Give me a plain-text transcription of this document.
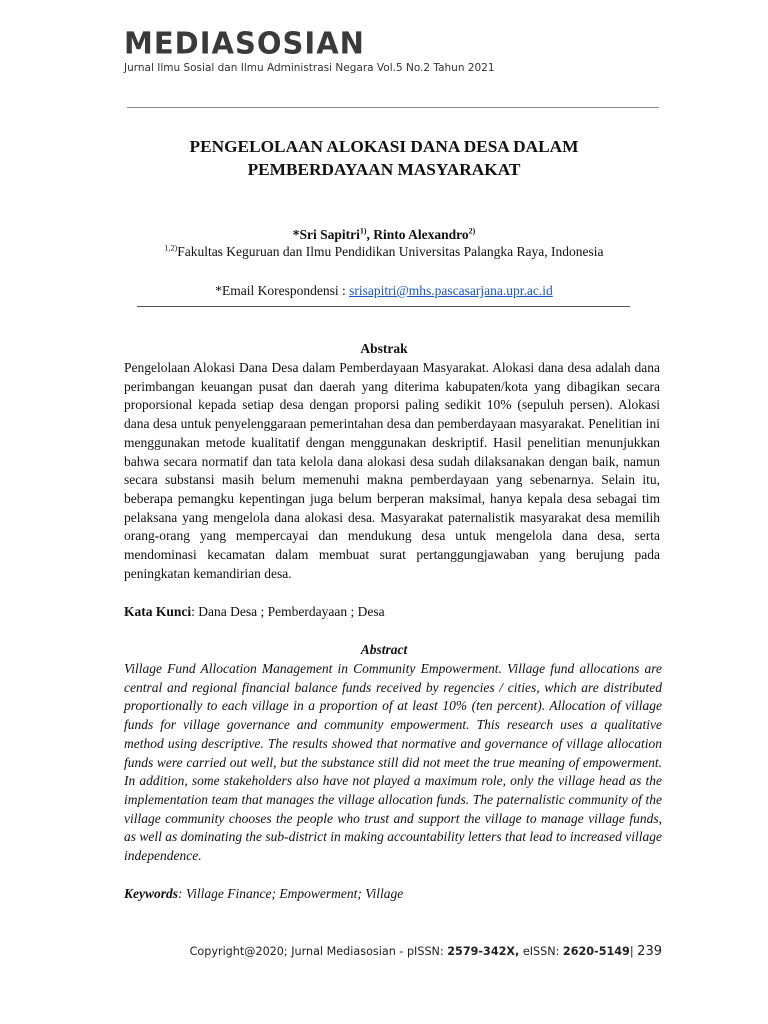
MEDIASOSIAN
Jurnal Ilmu Sosial dan Ilmu Administrasi Negara Vol.5 No.2 Tahun 2021
PENGELOLAAN ALOKASI DANA DESA DALAM
PEMBERDAYAAN MASYARAKAT
*Sri Sapitri$^{1)}$, Rinto Alexandro$^{2)}$
$^{1,2)}$Fakultas Keguruan dan Ilmu Pendidikan Universitas Palangka Raya, Indonesia
*Email Korespondensi : srisapitri@mhs.pascasarjana.upr.ac.id
Abstrak

Pengelolaan Alokasi Dana Desa dalam Pemberdayaan Masyarakat. Alokasi dana desa adalah dana perimbangan keuangan pusat dan daerah yang diterima kabupaten/kota yang dibagikan secara proporsional kepada setiap desa dengan proporsi paling sedikit 10% (sepuluh persen). Alokasi dana desa untuk penyelenggaraan pemerintahan desa dan pemberdayaan masyarakat. Penelitian ini menggunakan metode kualitatif dengan menggunakan deskriptif. Hasil penelitian menunjukkan bahwa secara normatif dan tata kelola dana alokasi desa sudah dilaksanakan dengan baik, namun secara substansi masih belum memenuhi makna pemberdayaan yang sebenarnya. Selain itu, beberapa pemangku kepentingan juga belum berperan maksimal, hanya kepala desa sebagai tim pelaksana yang mengelola dana alokasi desa. Masyarakat paternalistik masyarakat desa memilih orang-orang yang mempercayai dan mendukung desa untuk mengelola dana desa, serta mendominasi kecamatan dalam membuat surat pertanggungjawaban yang berujung pada peningkatan kemandirian desa.

Kata Kunci: Dana Desa ; Pemberdayaan ; Desa
Abstract

Village Fund Allocation Management in Community Empowerment. Village fund allocations are central and regional financial balance funds received by regencies / cities, which are distributed proportionally to each village in a proportion of at least 10% (ten percent). Allocation of village funds for village governance and community empowerment. This research uses a qualitative method using descriptive. The results showed that normative and governance of village allocation funds were carried out well, but the substance still did not meet the true meaning of empowerment. In addition, some stakeholders also have not played a maximum role, only the village head as the implementation team that manages the village allocation funds. The paternalistic community of the village community chooses the people who trust and support the village to manage village funds, as well as dominating the sub-district in making accountability letters that lead to increased village independence.

Keywords: Village Finance; Empowerment; Village
Copyright@2020; Jurnal Mediasosian - pISSN: 2579-342X, eISSN: 2620-5149| 239
